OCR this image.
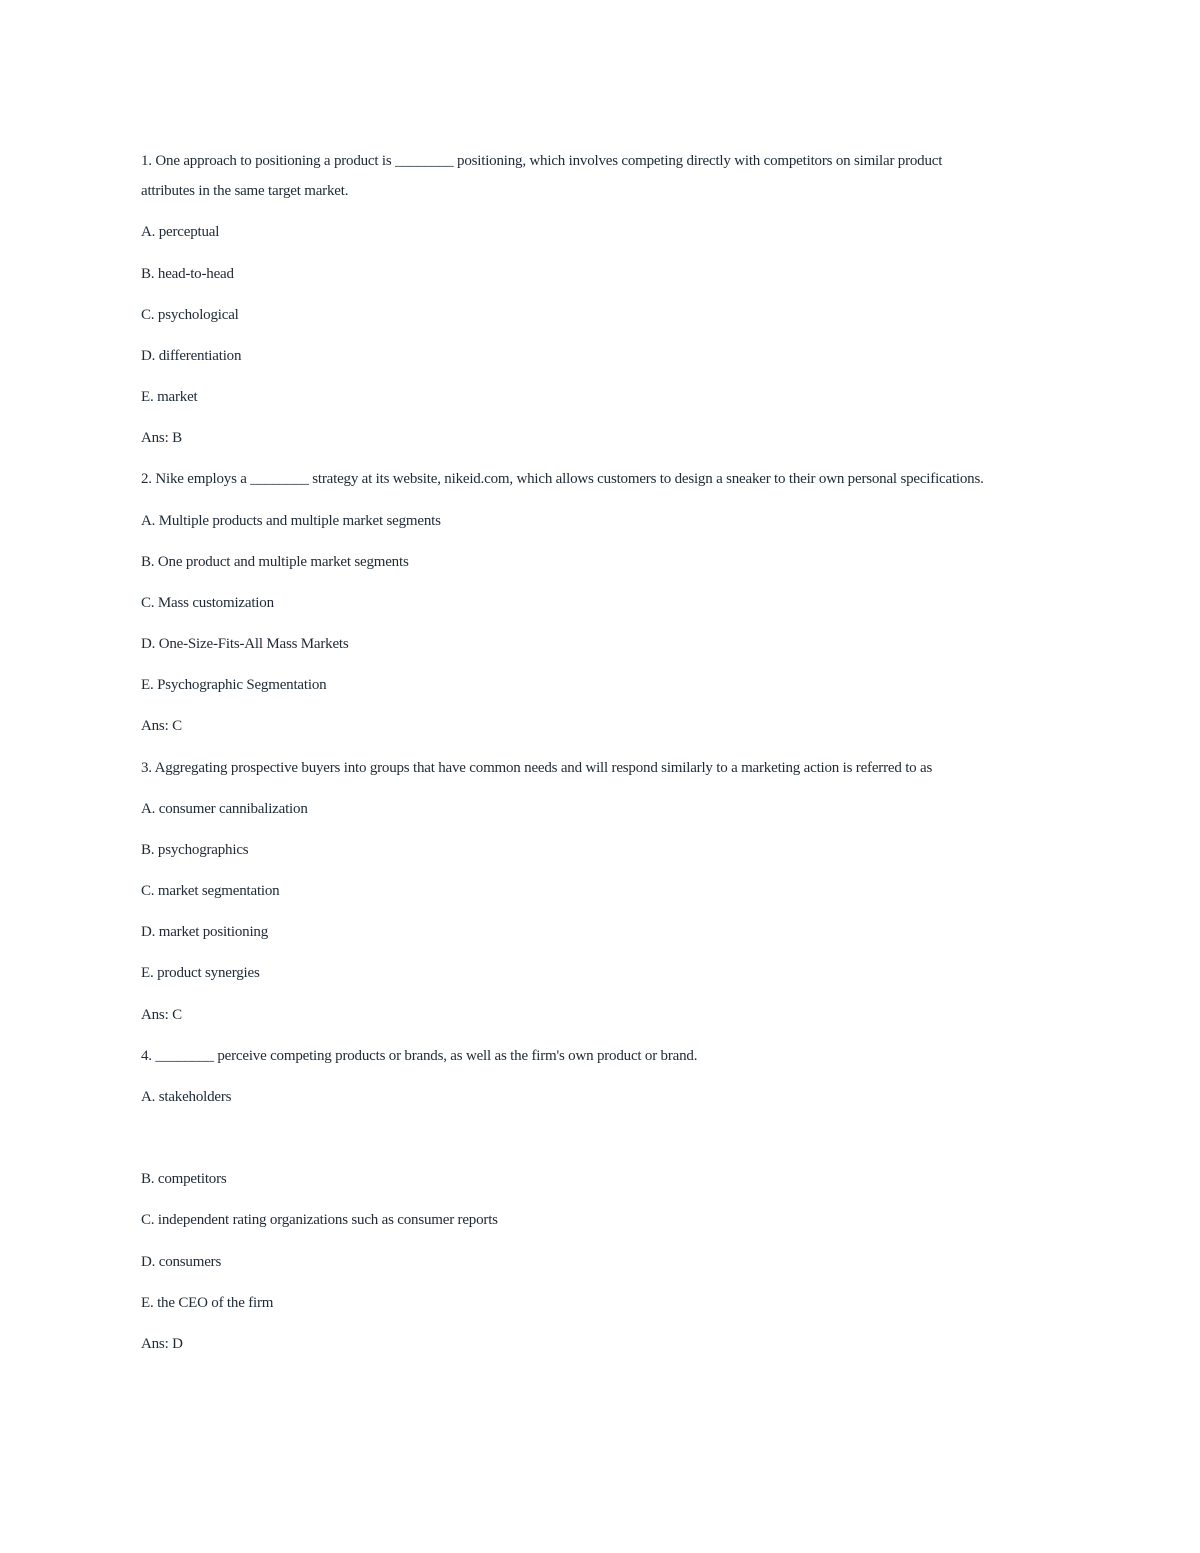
1. One approach to positioning a product is ________ positioning, which involves competing directly with competitors on similar product
attributes in the same target market.
A. perceptual
B. head-to-head
C. psychological
D. differentiation
E. market
Ans: B
2. Nike employs a ________ strategy at its website, nikeid.com, which allows customers to design a sneaker to their own personal specifications.
A. Multiple products and multiple market segments
B. One product and multiple market segments
C. Mass customization
D. One-Size-Fits-All Mass Markets
E. Psychographic Segmentation
Ans: C
3. Aggregating prospective buyers into groups that have common needs and will respond similarly to a marketing action is referred to as
A. consumer cannibalization
B. psychographics
C. market segmentation
D. market positioning
E. product synergies
Ans: C
4. ________ perceive competing products or brands, as well as the firm's own product or brand.
A. stakeholders
B. competitors
C. independent rating organizations such as consumer reports
D. consumers
E. the CEO of the firm
Ans: D
